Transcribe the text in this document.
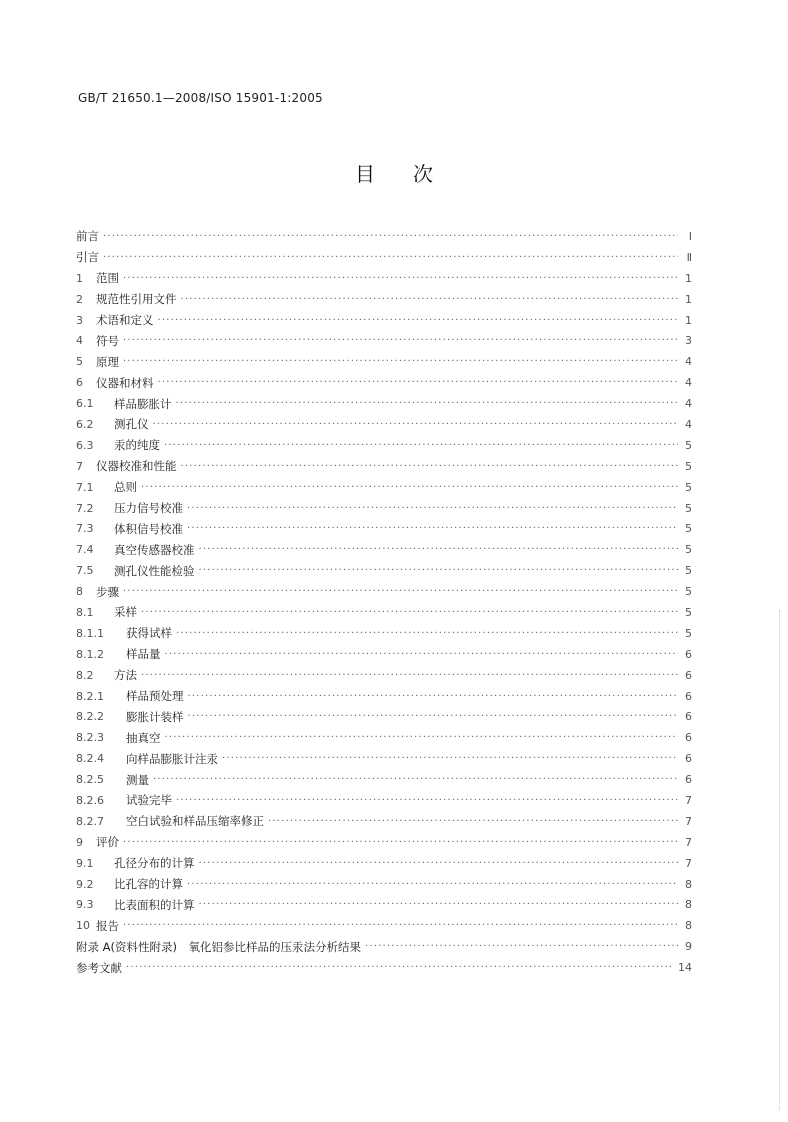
GB/T 21650.1—2008/ISO 15901-1:2005
目次
前言 ·····	Ⅰ
引言 ·····	Ⅱ
1	范围 ·····	1
2	规范性引用文件 ·····	1
3	术语和定义 ·····	1
4	符号 ·····	3
5	原理 ·····	4
6	仪器和材料 ·····	4
6.1	样品膨胀计 ·····	4
6.2	测孔仪 ·····	4
6.3	汞的纯度 ·····	5
7	仪器校准和性能 ·····	5
7.1	总则 ·····	5
7.2	压力信号校准 ·····	5
7.3	体积信号校准 ·····	5
7.4	真空传感器校准 ·····	5
7.5	测孔仪性能检验 ·····	5
8	步骤 ·····	5
8.1	采样 ·····	5
8.1.1	获得试样 ·····	5
8.1.2	样品量 ·····	6
8.2	方法 ·····	6
8.2.1	样品预处理 ·····	6
8.2.2	膨胀计装样 ·····	6
8.2.3	抽真空 ·····	6
8.2.4	向样品膨胀计注汞 ·····	6
8.2.5	测量 ·····	6
8.2.6	试验完毕 ·····	7
8.2.7	空白试验和样品压缩率修正 ·····	7
9	评价 ·····	7
9.1	孔径分布的计算 ·····	7
9.2	比孔容的计算 ·····	8
9.3	比表面积的计算 ·····	8
10 报告 ·····	8
附录 A(资料性附录)　氧化铝参比样品的压汞法分析结果 ·····	9
参考文献 ·····	14
